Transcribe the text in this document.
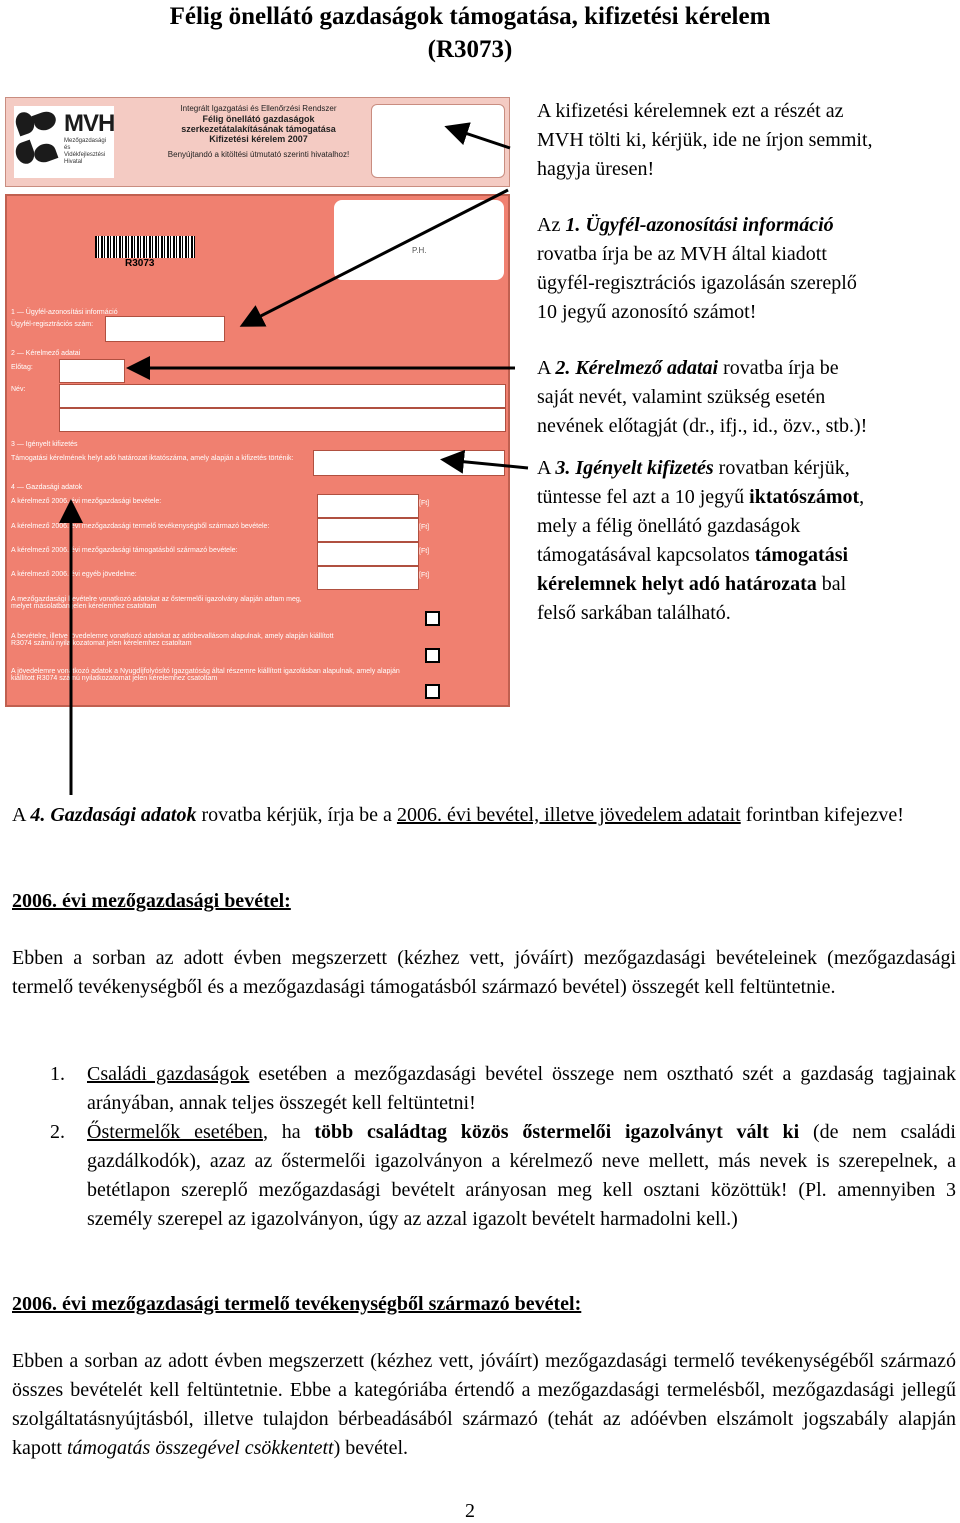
Félig önellátó gazdaságok támogatása, kifizetési kérelem
(R3073)
MVH
Mezőgazdasági és Vidékfejlesztési Hivatal
Integrált Igazgatási és Ellenőrzési Rendszer
Félig önellátó gazdaságok
szerkezetátalakításának támogatása
Kifizetési kérelem 2007
Benyújtandó a kitöltési útmutató szerinti hivatalhoz!
R3073
P.H.
1 — Ügyfél-azonosítási információ
Ügyfél-regisztrációs szám:
2 — Kérelmező adatai
Előtag:
Név:
3 — Igényelt kifizetés
Támogatási kérelmének helyt adó határozat iktatószáma, amely alapján a kifizetés történik:
4 — Gazdasági adatok
A kérelmező 2006. évi mezőgazdasági bevétele:	[Ft]
A kérelmező 2006. évi mezőgazdasági termelő tevékenységből származó bevétele:	[Ft]
A kérelmező 2006. évi mezőgazdasági támogatásból származó bevétele:	[Ft]
A kérelmező 2006. évi egyéb jövedelme:	[Ft]
A mezőgazdasági bevételre vonatkozó adatokat az őstermelői igazolvány alapján adtam meg, melyet másolatban jelen kérelemhez csatoltam
A bevételre, illetve jövedelemre vonatkozó adatokat az adóbevallásom alapulnak, amely alapján kiállított R3074 számú nyilatkozatomat jelen kérelemhez csatoltam
A jövedelemre vonatkozó adatok a Nyugdíjfolyósító Igazgatóság által részemre kiállított igazolásban alapulnak, amely alapján kiállított R3074 számú nyilatkozatomat jelen kérelemhez csatoltam
A kifizetési kérelemnek ezt a részét az
MVH tölti ki, kérjük, ide ne írjon semmit,
hagyja üresen!
Az 1. Ügyfél-azonosítási információ
rovatba írja be az MVH által kiadott
ügyfél-regisztrációs igazolásán szereplő
10 jegyű azonosító számot!
A 2. Kérelmező adatai rovatba írja be
saját nevét, valamint szükség esetén
nevének előtagját (dr., ifj., id., özv., stb.)!
A 3. Igényelt kifizetés rovatban kérjük,
tüntesse fel azt a 10 jegyű iktatószámot,
mely a félig önellátó gazdaságok
támogatásával kapcsolatos támogatási
kérelemnek helyt adó határozata bal
felső sarkában található.
A 4. Gazdasági adatok rovatba kérjük, írja be a 2006. évi bevétel, illetve jövedelem adatait forintban kifejezve!
2006. évi mezőgazdasági bevétel:
Ebben a sorban az adott évben megszerzett (kézhez vett, jóváírt) mezőgazdasági bevételeinek (mezőgazdasági termelő tevékenységből és a mezőgazdasági támogatásból származó bevétel) összegét kell feltüntetnie.
1.	Családi gazdaságok esetében a mezőgazdasági bevétel összege nem osztható szét a gazdaság tagjainak arányában, annak teljes összegét kell feltüntetni!
2.	Őstermelők esetében, ha több családtag közös őstermelői igazolványt vált ki (de nem családi gazdálkodók), azaz az őstermelői igazolványon a kérelmező neve mellett, más nevek is szerepelnek, a betétlapon szereplő mezőgazdasági bevételt arányosan meg kell osztani közöttük! (Pl. amennyiben 3 személy szerepel az igazolványon, úgy az azzal igazolt bevételt harmadolni kell.)
2006. évi mezőgazdasági termelő tevékenységből származó bevétel:
Ebben a sorban az adott évben megszerzett (kézhez vett, jóváírt) mezőgazdasági termelő tevékenységéből származó összes bevételét kell feltüntetnie. Ebbe a kategóriába értendő a mezőgazdasági termelésből, mezőgazdasági jellegű szolgáltatásnyújtásból, illetve tulajdon bérbeadásából származó (tehát az adóévben elszámolt jogszabály alapján kapott támogatás összegével csökkentett) bevétel.
2
